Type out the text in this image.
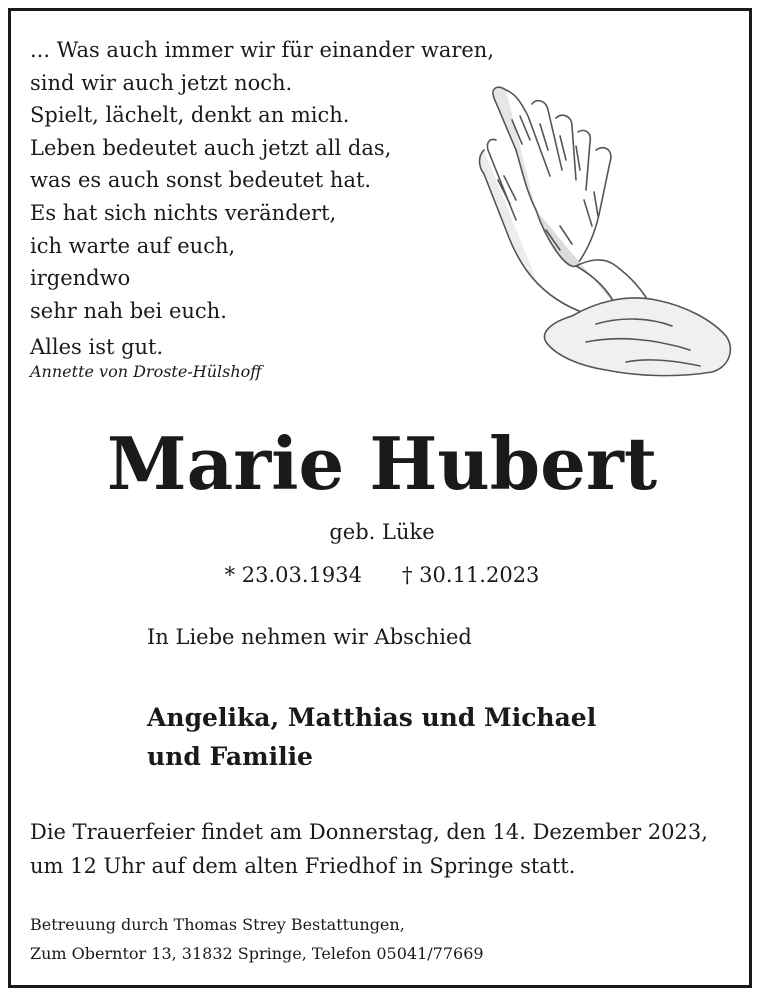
... Was auch immer wir für einander waren,
sind wir auch jetzt noch.
Spielt, lächelt, denkt an mich.
Leben bedeutet auch jetzt all das,
was es auch sonst bedeutet hat.
Es hat sich nichts verändert,
ich warte auf euch,
irgendwo
sehr nah bei euch.
Alles ist gut.
Annette von Droste-Hülshoff
Marie Hubert
geb. Lüke
* 23.03.1934 † 30.11.2023
In Liebe nehmen wir Abschied
Angelika, Matthias und Michael
und Familie
Die Trauerfeier findet am Donnerstag, den 14. Dezember 2023,
um 12 Uhr auf dem alten Friedhof in Springe statt.
Betreuung durch Thomas Strey Bestattungen,
Zum Oberntor 13, 31832 Springe, Telefon 05041/77669
